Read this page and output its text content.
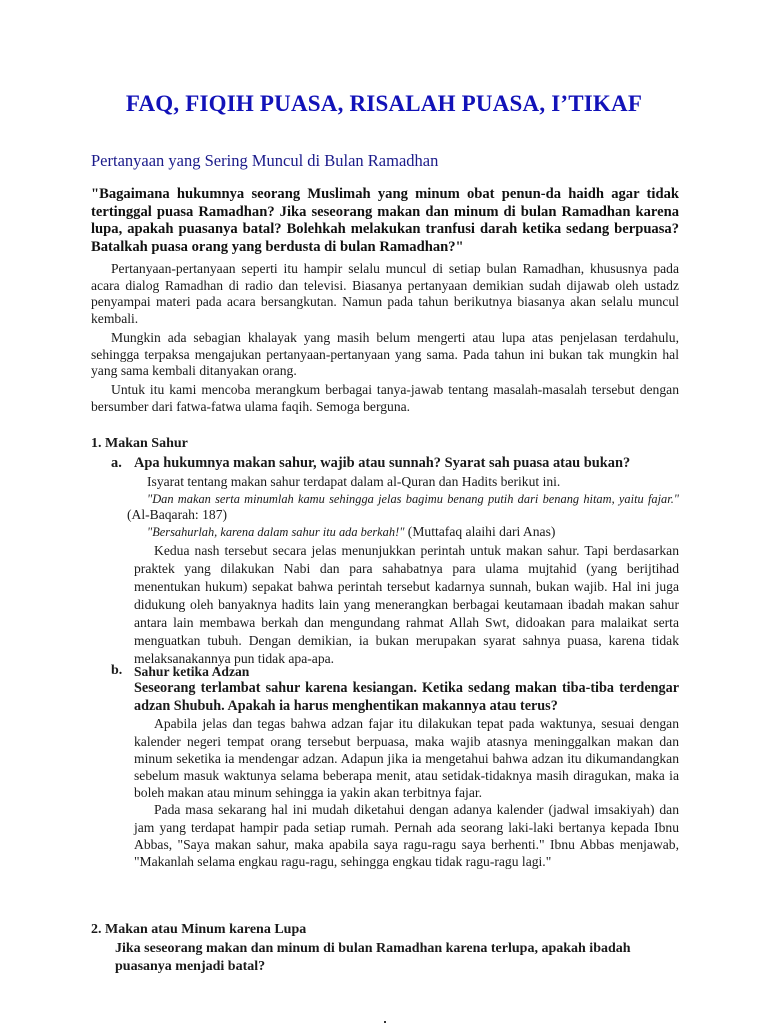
FAQ, FIQIH PUASA, RISALAH PUASA, I’TIKAF
Pertanyaan yang Sering Muncul di Bulan Ramadhan
"Bagaimana hukumnya seorang Muslimah yang minum obat penun-da haidh agar tidak tertinggal puasa Ramadhan? Jika seseorang makan dan minum di bulan Ramadhan karena lupa, apakah puasanya batal? Bolehkah melakukan tranfusi darah ketika sedang berpuasa? Batalkah puasa orang yang berdusta di bulan Ramadhan?"

Pertanyaan-pertanyaan seperti itu hampir selalu muncul di setiap bulan Ramadhan, khususnya pada acara dialog Ramadhan di radio dan televisi. Biasanya pertanyaan demikian sudah dijawab oleh ustadz penyampai materi pada acara bersangkutan. Namun pada tahun berikutnya biasanya akan selalu muncul kembali.

Mungkin ada sebagian khalayak yang masih belum mengerti atau lupa atas penjelasan terdahulu, sehingga terpaksa mengajukan pertanyaan-pertanyaan yang sama. Pada tahun ini bukan tak mungkin hal yang sama kembali ditanyakan orang.

Untuk itu kami mencoba merangkum berbagai tanya-jawab tentang masalah-masalah tersebut dengan bersumber dari fatwa-fatwa ulama faqih. Semoga berguna.

1. Makan Sahur
a. Apa hukumnya makan sahur, wajib atau sunnah? Syarat sah puasa atau bukan?

Isyarat tentang makan sahur terdapat dalam al-Quran dan Hadits berikut ini.

"Dan makan serta minumlah kamu sehingga jelas bagimu benang putih dari benang hitam, yaitu fajar." (Al-Baqarah: 187)

"Bersahurlah, karena dalam sahur itu ada berkah!" (Muttafaq alaihi dari Anas)

Kedua nash tersebut secara jelas menunjukkan perintah untuk makan sahur. Tapi berdasarkan praktek yang dilakukan Nabi dan para sahabatnya para ulama mujtahid (yang berijtihad menentukan hukum) sepakat bahwa perintah tersebut kadarnya sunnah, bukan wajib. Hal ini juga didukung oleh banyaknya hadits lain yang menerangkan berbagai keutamaan ibadah makan sahur antara lain membawa berkah dan mengundang rahmat Allah Swt, didoakan para malaikat serta menguatkan tubuh. Dengan demikian, ia bukan merupakan syarat sahnya puasa, karena tidak melaksanakannya pun tidak apa-apa.

b. Sahur ketika Adzan

Seseorang terlambat sahur karena kesiangan. Ketika sedang makan tiba-tiba terdengar adzan Shubuh. Apakah ia harus menghentikan makannya atau terus?

Apabila jelas dan tegas bahwa adzan fajar itu dilakukan tepat pada waktunya, sesuai dengan kalender negeri tempat orang tersebut berpuasa, maka wajib atasnya meninggalkan makan dan minum seketika ia mendengar adzan. Adapun jika ia mengetahui bahwa adzan itu dikumandangkan sebelum masuk waktunya selama beberapa menit, atau setidak-tidaknya masih diragukan, maka ia boleh makan atau minum sehingga ia yakin akan terbitnya fajar.

Pada masa sekarang hal ini mudah diketahui dengan adanya kalender (jadwal imsakiyah) dan jam yang terdapat hampir pada setiap rumah. Pernah ada seorang laki-laki bertanya kepada Ibnu Abbas, "Saya makan sahur, maka apabila saya ragu-ragu saya berhenti." Ibnu Abbas menjawab, "Makanlah selama engkau ragu-ragu, sehingga engkau tidak ragu-ragu lagi."

2. Makan atau Minum karena Lupa
Jika seseorang makan dan minum di bulan Ramadhan karena terlupa, apakah ibadah puasanya menjadi batal?
